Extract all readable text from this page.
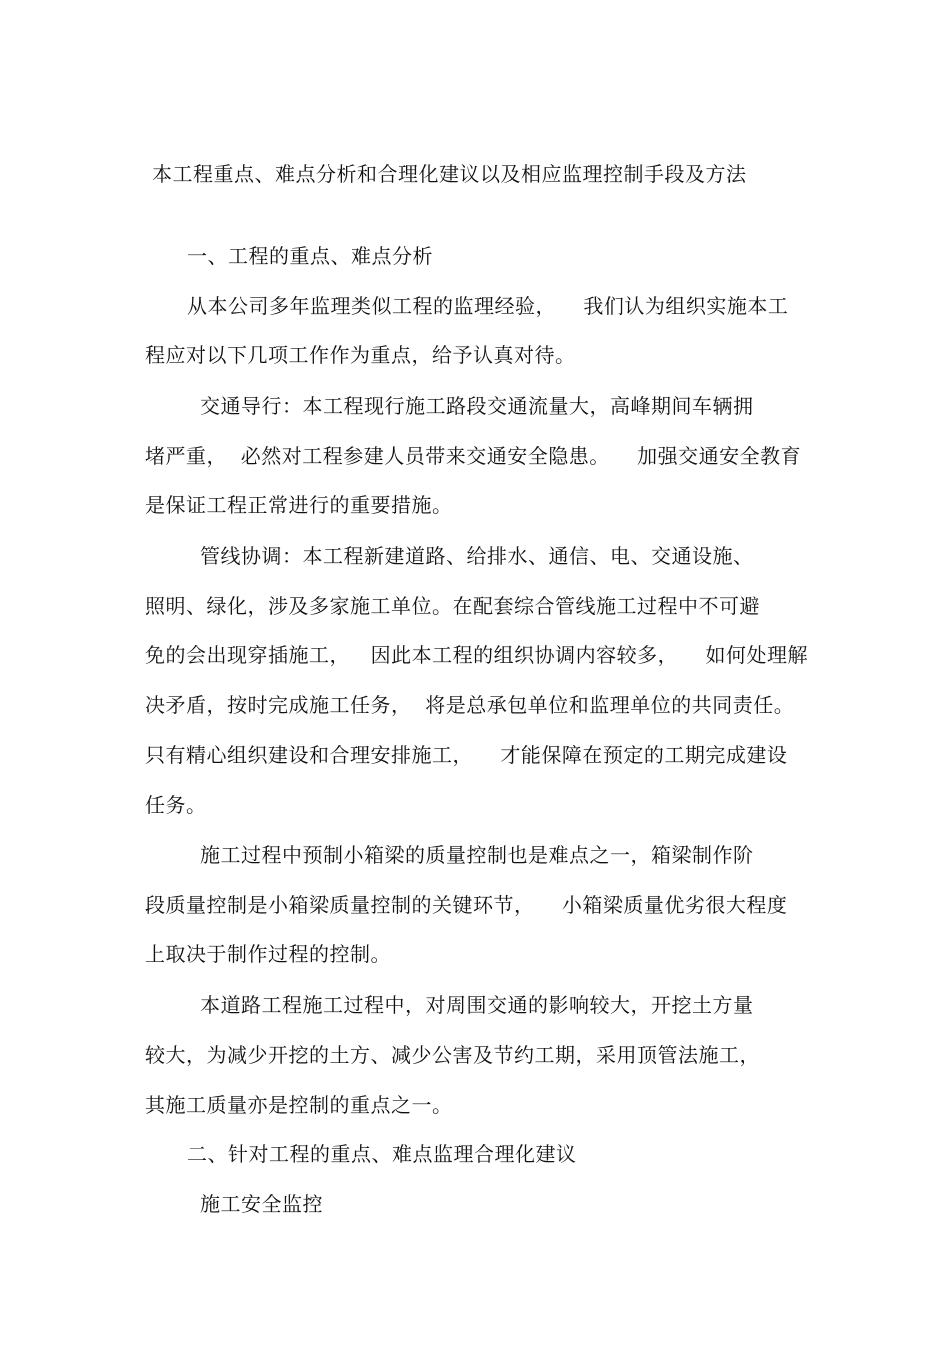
本工程重点、难点分析和合理化建议以及相应监理控制手段及方法
一、工程的重点、难点分析
从本公司多年监理类似工程的监理经验，    我们认为组织实施本工
程应对以下几项工作作为重点，给予认真对待。
交通导行：本工程现行施工路段交通流量大，高峰期间车辆拥
堵严重，  必然对工程参建人员带来交通安全隐患。    加强交通安全教育
是保证工程正常进行的重要措施。
管线协调：本工程新建道路、给排水、通信、电、交通设施、
照明、绿化，涉及多家施工单位。在配套综合管线施工过程中不可避
免的会出现穿插施工，   因此本工程的组织协调内容较多，    如何处理解
决矛盾，按时完成施工任务，  将是总承包单位和监理单位的共同责任。
只有精心组织建设和合理安排施工，    才能保障在预定的工期完成建设
任务。
施工过程中预制小箱梁的质量控制也是难点之一，箱梁制作阶
段质量控制是小箱梁质量控制的关键环节，    小箱梁质量优劣很大程度
上取决于制作过程的控制。
本道路工程施工过程中，对周围交通的影响较大，开挖土方量
较大，为减少开挖的土方、减少公害及节约工期，采用顶管法施工，
其施工质量亦是控制的重点之一。
二、针对工程的重点、难点监理合理化建议
施工安全监控
